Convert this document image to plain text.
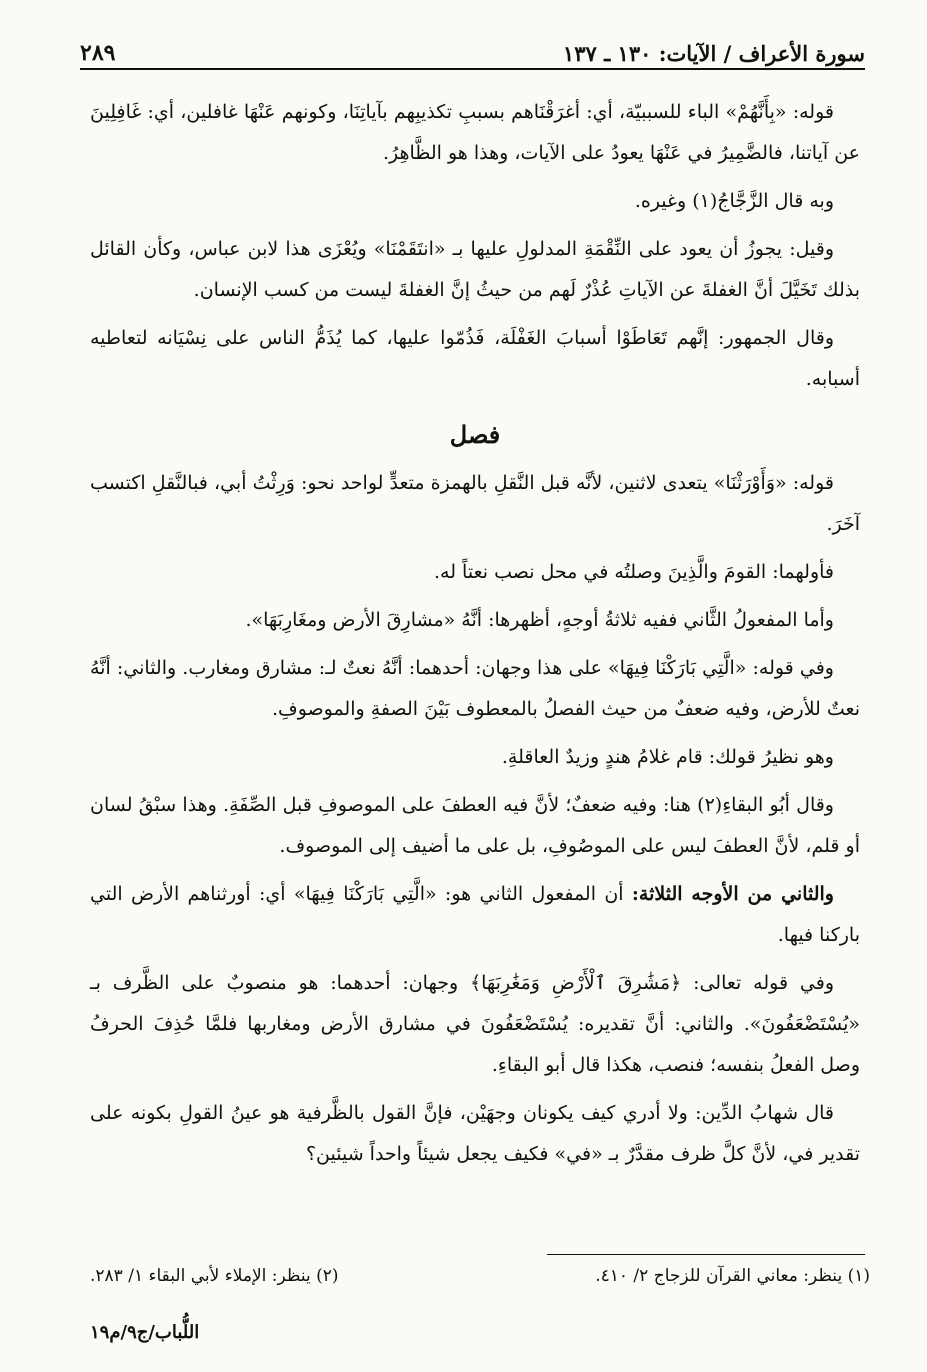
سورة الأعراف / الآيات: ١٣٠ ـ ١٣٧
٢٨٩

قوله: «بِأَنَّهُمْ» الباء للسببيّة، أي: أغرَقْنَاهم بسببِ تكذيبِهم بآياتِنَا، وكونهم عَنْهَا غافلين، أي: غَافِلِينَ عن آياتنا، فالضَّمِيرُ في عَنْهَا يعودُ على الآيات، وهذا هو الظَّاهِرُ.

وبه قال الزَّجَّاجُ(١) وغيره.

وقيل: يجوزُ أن يعود على النِّقْمَةِ المدلولِ عليها بـ «انتَقَمْنَا» ويُعْزَى هذا لابن عباس، وكأن القائل بذلك تَخَيَّلَ أنَّ الغفلةَ عن الآياتِ عُذْرٌ لَهم من حيثُ إنَّ الغفلةَ ليست من كسب الإنسان.

وقال الجمهور: إنَّهم تَعَاطَوْا أسبابَ الغَفْلَة، فَذُمّوا عليها، كما يُذَمُّ الناس على نِسْيَانه لتعاطيه أسبابه.

فصل

قوله: «وَأَوْرَثْنَا» يتعدى لاثنين، لأنَّه قبل النَّقلِ بالهمزة متعدٍّ لواحد نحو: وَرِثْتُ أبي، فبالنَّقلِ اكتسب آخَرَ.

فأولهما: القومَ والَّذِينَ وصلتُه في محل نصب نعتاً له.

وأما المفعولُ الثَّاني ففيه ثلاثةُ أوجهٍ، أظهرها: أنَّهُ «مشارِقَ الأرض ومغَارِبَهَا».

وفي قوله: «الَّتِي بَارَكْنَا فِيهَا» على هذا وجهان: أحدهما: أنَّهُ نعتٌ لـ: مشارق ومغارب. والثاني: أنَّهُ نعتٌ للأرض، وفيه ضعفٌ من حيث الفصلُ بالمعطوف بَيْنَ الصفةِ والموصوفِ.

وهو نظيرُ قولك: قام غلامُ هندٍ وزيدٌ العاقلةِ.

وقال أبُو البقاءِ(٢) هنا: وفيه ضعفٌ؛ لأنَّ فيه العطفَ على الموصوفِ قبل الصِّفَةِ. وهذا سبْقُ لسان أو قلم، لأنَّ العطفَ ليس على الموصُوفِ، بل على ما أضيف إلى الموصوف.

والثاني من الأوجه الثلاثة: أن المفعول الثاني هو: «الَّتِي بَارَكْنَا فِيهَا» أي: أورثناهم الأرض التي باركنا فيها.

وفي قوله تعالى: ﴿مَشَٰرِقَ ٱلْأَرْضِ وَمَغَٰرِبَهَا﴾ وجهان: أحدهما: هو منصوبٌ على الظَّرف بـ «يُسْتَضْعَفُونَ». والثاني: أنَّ تقديره: يُسْتَضْعَفُونَ في مشارق الأرض ومغاربها فلمَّا حُذِفَ الحرفُ وصل الفعلُ بنفسه؛ فنصب، هكذا قال أبو البقاءِ.

قال شهابُ الدِّين: ولا أدري كيف يكونان وجهَيْن، فإنَّ القول بالظَّرفية هو عينُ القولِ بكونه على تقدير في، لأنَّ كلَّ ظرف مقدَّرٌ بـ «في» فكيف يجعل شيئاً واحداً شيئين؟

(١) ينظر: معاني القرآن للزجاج ٢/ ٤١٠.
(٢) ينظر: الإملاء لأبي البقاء ١/ ٢٨٣.
اللُّباب/ج٩/م١٩
